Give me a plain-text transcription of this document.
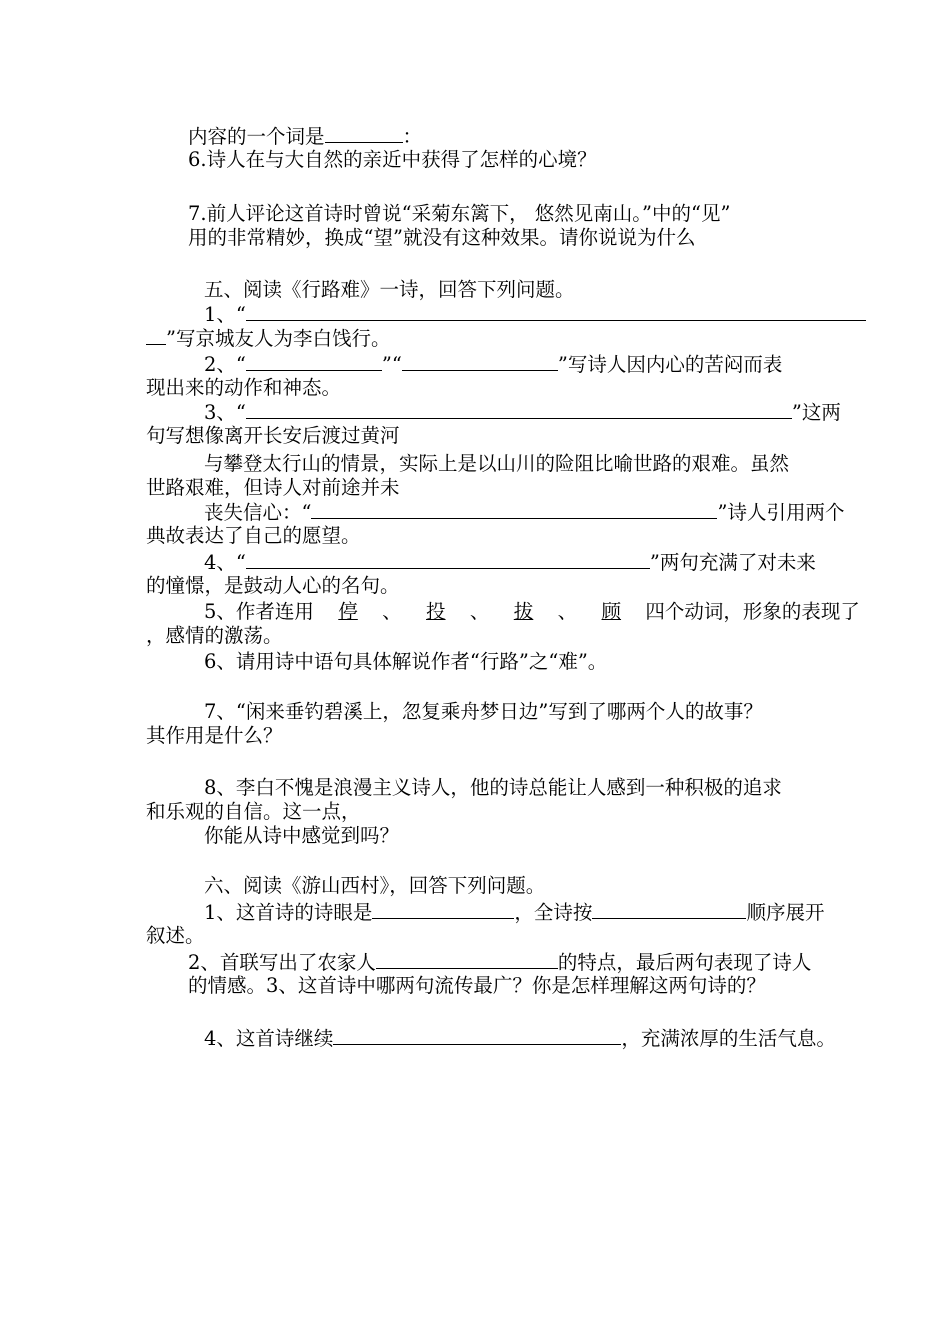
内容的一个词是	：
6.诗人在与大自然的亲近中获得了怎样的心境？
7.前人评论这首诗时曾说“采菊东篱下， 悠然见南山。”中的“见”
用的非常精妙，换成“望”就没有这种效果。请你说说为什么
五、阅读《行路难》一诗，回答下列问题。
1、“
”写京城友人为李白饯行。
2、“	”“	”写诗人因内心的苦闷而表
现出来的动作和神态。
3、“	”这两
句写想像离开长安后渡过黄河
与攀登太行山的情景，实际上是以山川的险阻比喻世路的艰难。虽然
世路艰难，但诗人对前途并未
丧失信心：“	”诗人引用两个
典故表达了自己的愿望。
4、“	”两句充满了对未来
的憧憬，是鼓动人心的名句。
5、作者连用 停 、 投 、 拔 、 顾 四个动词，形象的表现了
，感情的激荡。
6、请用诗中语句具体解说作者“行路”之“难”。
7、“闲来垂钓碧溪上，忽复乘舟梦日边”写到了哪两个人的故事？
其作用是什么？
8、李白不愧是浪漫主义诗人，他的诗总能让人感到一种积极的追求
和乐观的自信。这一点，
你能从诗中感觉到吗？
六、阅读《游山西村》，回答下列问题。
1、这首诗的诗眼是	，全诗按	顺序展开
叙述。
2、首联写出了农家人	的特点，最后两句表现了诗人
的情感。3、这首诗中哪两句流传最广？你是怎样理解这两句诗的？
4、这首诗继续	，充满浓厚的生活气息。
